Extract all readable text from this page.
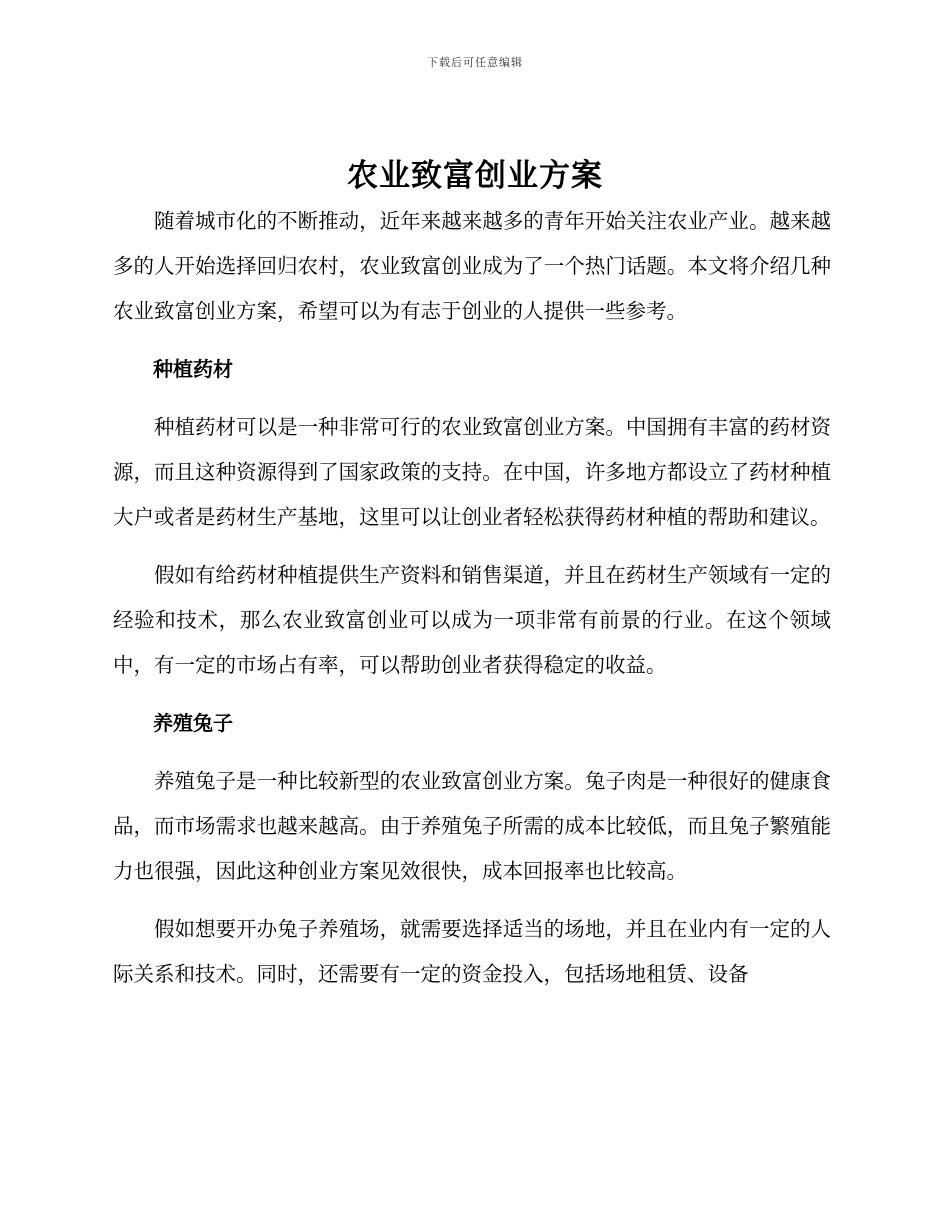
下载后可任意编辑
农业致富创业方案

随着城市化的不断推动，近年来越来越多的青年开始关注农业产业。越来越多的人开始选择回归农村，农业致富创业成为了一个热门话题。本文将介绍几种农业致富创业方案，希望可以为有志于创业的人提供一些参考。

种植药材

种植药材可以是一种非常可行的农业致富创业方案。中国拥有丰富的药材资源，而且这种资源得到了国家政策的支持。在中国，许多地方都设立了药材种植大户或者是药材生产基地，这里可以让创业者轻松获得药材种植的帮助和建议。

假如有给药材种植提供生产资料和销售渠道，并且在药材生产领域有一定的经验和技术，那么农业致富创业可以成为一项非常有前景的行业。在这个领域中，有一定的市场占有率，可以帮助创业者获得稳定的收益。

养殖兔子

养殖兔子是一种比较新型的农业致富创业方案。兔子肉是一种很好的健康食品，而市场需求也越来越高。由于养殖兔子所需的成本比较低，而且兔子繁殖能力也很强，因此这种创业方案见效很快，成本回报率也比较高。

假如想要开办兔子养殖场，就需要选择适当的场地，并且在业内有一定的人际关系和技术。同时，还需要有一定的资金投入，包括场地租赁、设备
